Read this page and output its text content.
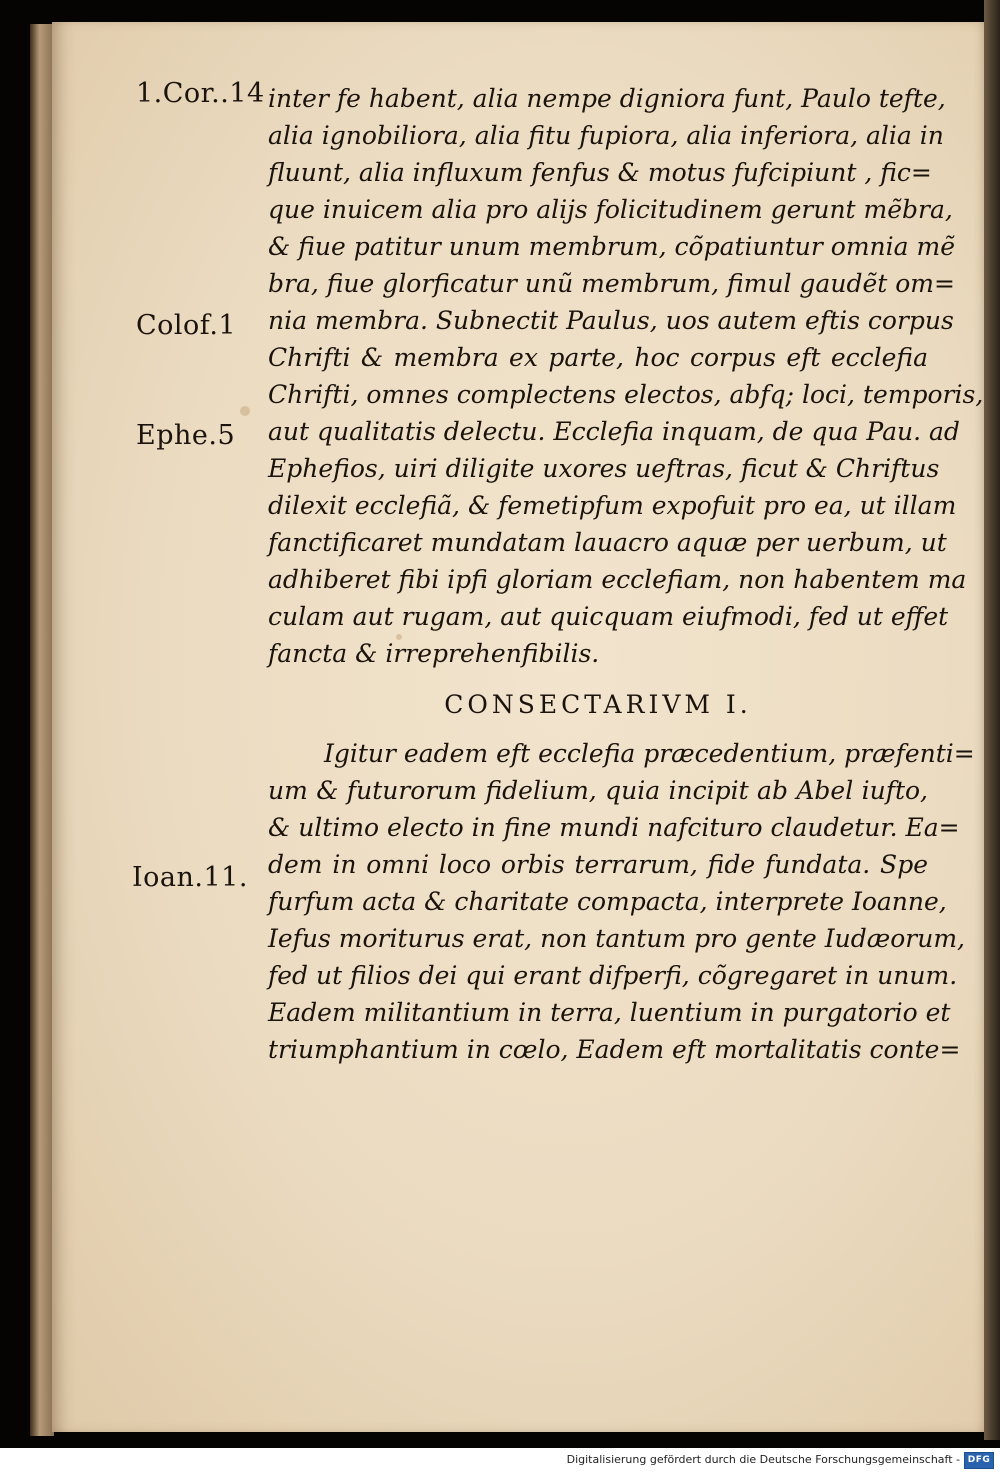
1.Cor..14
Colof.1
Ephe.5
Ioan.11.
inter fe habent, alia nempe digniora funt, Paulo tefte,
alia ignobiliora, alia fitu fupiora, alia inferiora, alia in
fluunt, alia influxum fenfus & motus fufcipiunt , fic=
que inuicem alia pro alijs folicitudinem gerunt mẽbra,
& fiue patitur unum membrum, cõpatiuntur omnia mẽ
bra, fiue glorficatur unũ membrum, fimul gaudẽt om=
nia membra. Subnectit Paulus, uos autem eftis corpus
Chrifti & membra ex parte, hoc corpus eft ecclefia
Chrifti, omnes complectens electos, abfq; loci, temporis,
aut qualitatis delectu. Ecclefia inquam, de qua Pau. ad
Ephefios, uiri diligite uxores ueftras, ficut & Chriftus
dilexit ecclefiã, & femetipfum expofuit pro ea, ut illam
fanctificaret mundatam lauacro aquæ per uerbum, ut
adhiberet fibi ipfi gloriam ecclefiam, non habentem ma
culam aut rugam, aut quicquam eiufmodi, fed ut effet
fancta & irreprehenfibilis.
CONSECTARIVM I.
Igitur eadem eft ecclefia præcedentium, præfenti=
um & futurorum fidelium, quia incipit ab Abel iufto,
& ultimo electo in fine mundi nafcituro claudetur. Ea=
dem in omni loco orbis terrarum, fide fundata. Spe
furfum acta & charitate compacta, interprete Ioanne,
Iefus moriturus erat, non tantum pro gente Iudæorum,
fed ut filios dei qui erant difperfi, cõgregaret in unum.
Eadem militantium in terra, luentium in purgatorio et
triumphantium in cœlo, Eadem eft mortalitatis conte=
Digitalisierung gefördert durch die Deutsche Forschungsgemeinschaft - DFG
